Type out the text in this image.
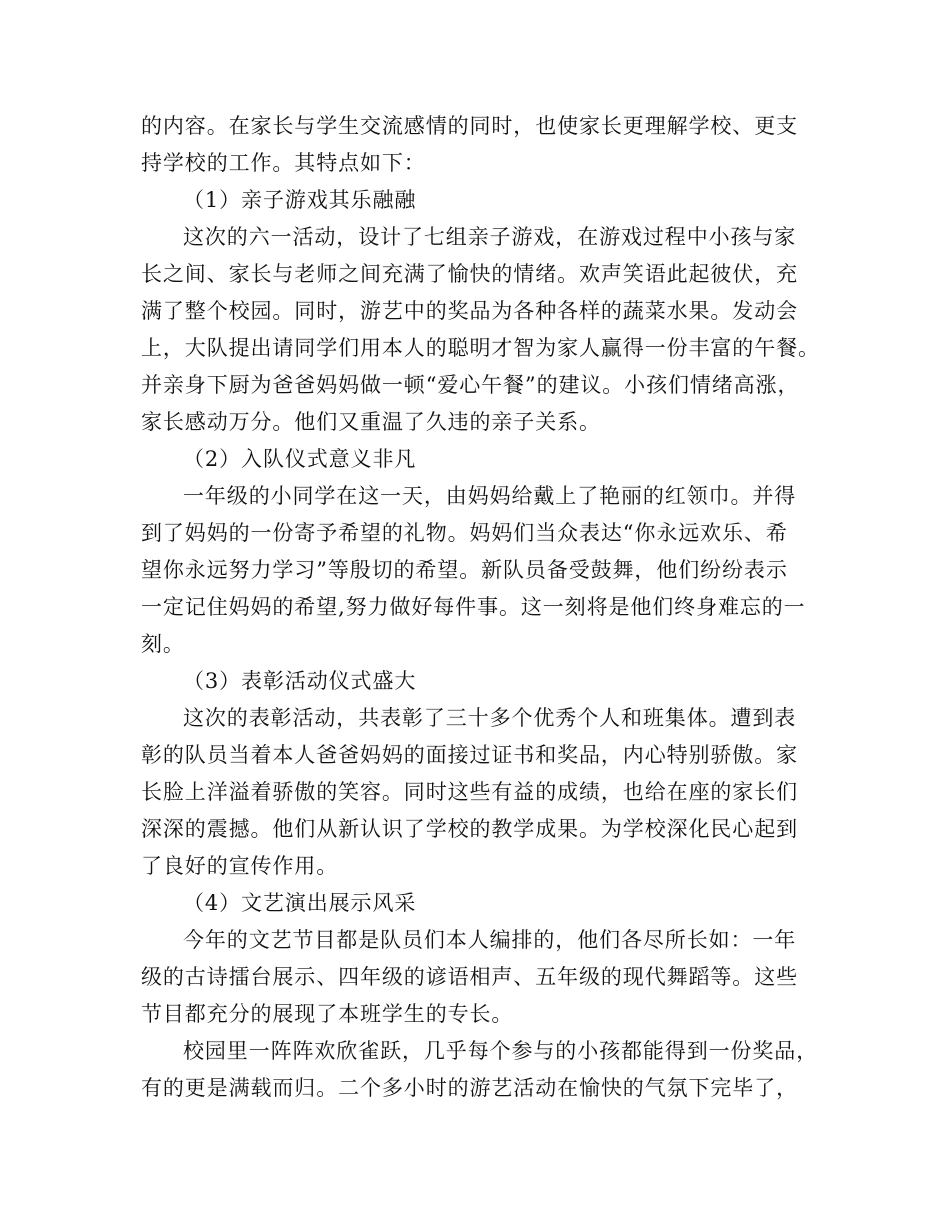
的内容。在家长与学生交流感情的同时，也使家长更理解学校、更支
持学校的工作。其特点如下：
（1）亲子游戏其乐融融
这次的六一活动，设计了七组亲子游戏，在游戏过程中小孩与家
长之间、家长与老师之间充满了愉快的情绪。欢声笑语此起彼伏，充
满了整个校园。同时，游艺中的奖品为各种各样的蔬菜水果。发动会
上，大队提出请同学们用本人的聪明才智为家人赢得一份丰富的午餐。
并亲身下厨为爸爸妈妈做一顿“爱心午餐”的建议。小孩们情绪高涨，
家长感动万分。他们又重温了久违的亲子关系。
（2）入队仪式意义非凡
一年级的小同学在这一天，由妈妈给戴上了艳丽的红领巾。并得
到了妈妈的一份寄予希望的礼物。妈妈们当众表达“你永远欢乐、希
望你永远努力学习”等殷切的希望。新队员备受鼓舞，他们纷纷表示
一定记住妈妈的希望,努力做好每件事。这一刻将是他们终身难忘的一
刻。
（3）表彰活动仪式盛大
这次的表彰活动，共表彰了三十多个优秀个人和班集体。遭到表
彰的队员当着本人爸爸妈妈的面接过证书和奖品，内心特别骄傲。家
长脸上洋溢着骄傲的笑容。同时这些有益的成绩，也给在座的家长们
深深的震撼。他们从新认识了学校的教学成果。为学校深化民心起到
了良好的宣传作用。
（4）文艺演出展示风采
今年的文艺节目都是队员们本人编排的，他们各尽所长如：一年
级的古诗擂台展示、四年级的谚语相声、五年级的现代舞蹈等。这些
节目都充分的展现了本班学生的专长。
校园里一阵阵欢欣雀跃，几乎每个参与的小孩都能得到一份奖品，
有的更是满载而归。二个多小时的游艺活动在愉快的气氛下完毕了，
